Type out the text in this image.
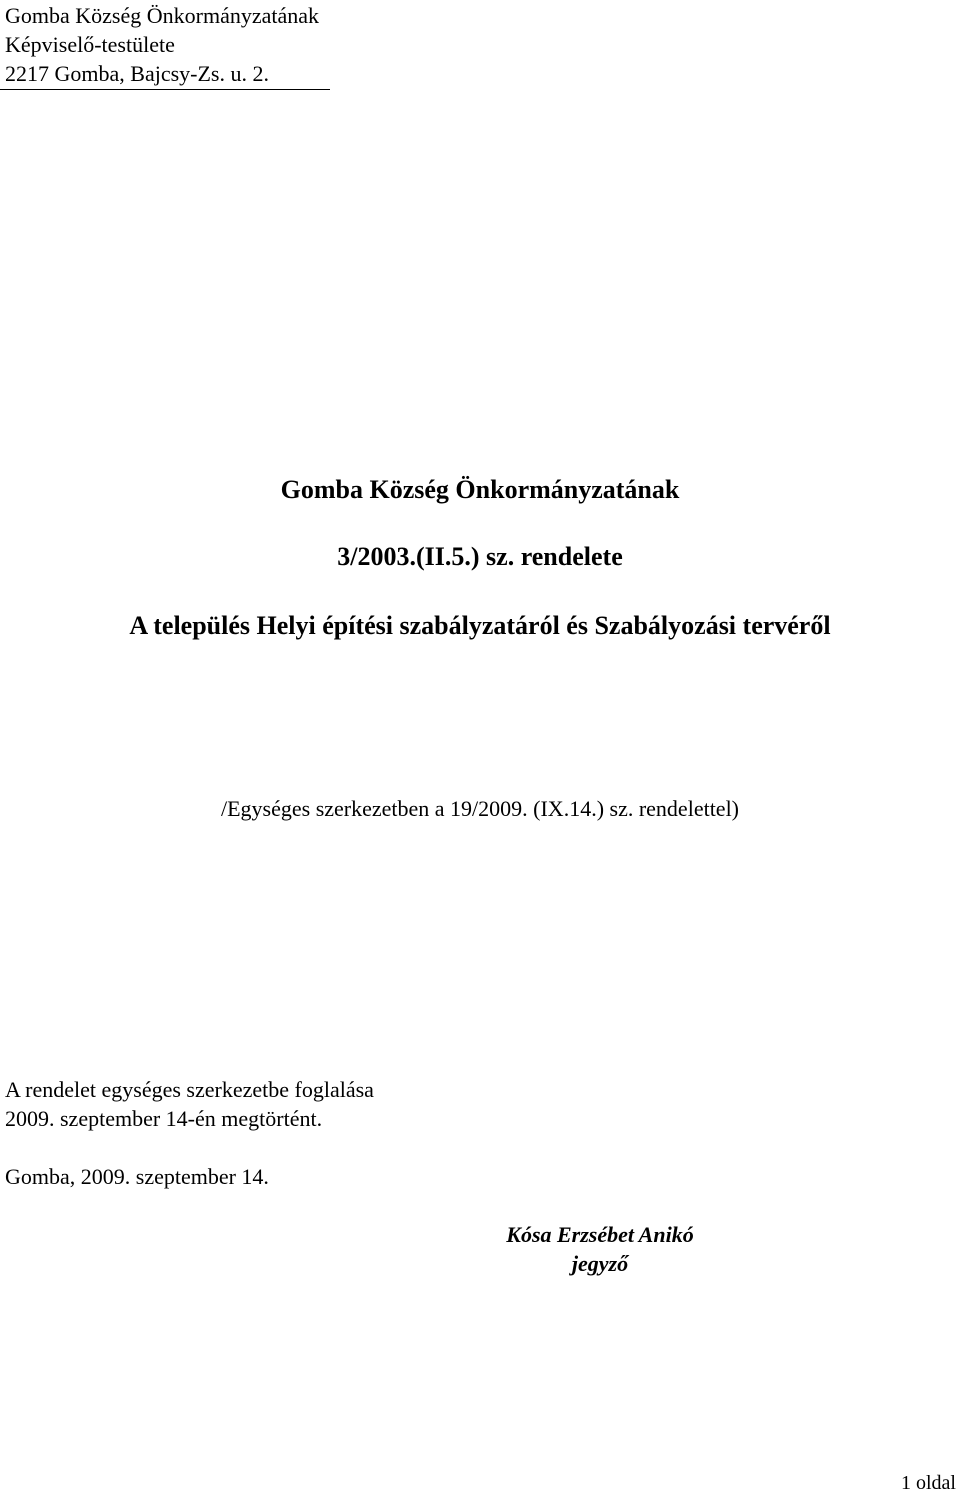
Gomba Község Önkormányzatának
Képviselő-testülete
2217 Gomba, Bajcsy-Zs. u. 2.
Gomba Község Önkormányzatának
3/2003.(II.5.) sz. rendelete
A település Helyi építési szabályzatáról és Szabályozási tervéről
/Egységes szerkezetben a 19/2009. (IX.14.) sz. rendelettel)
A rendelet egységes szerkezetbe foglalása
2009. szeptember 14-én megtörtént.
Gomba, 2009. szeptember 14.
Kósa Erzsébet Anikó
jegyző
1 oldal
